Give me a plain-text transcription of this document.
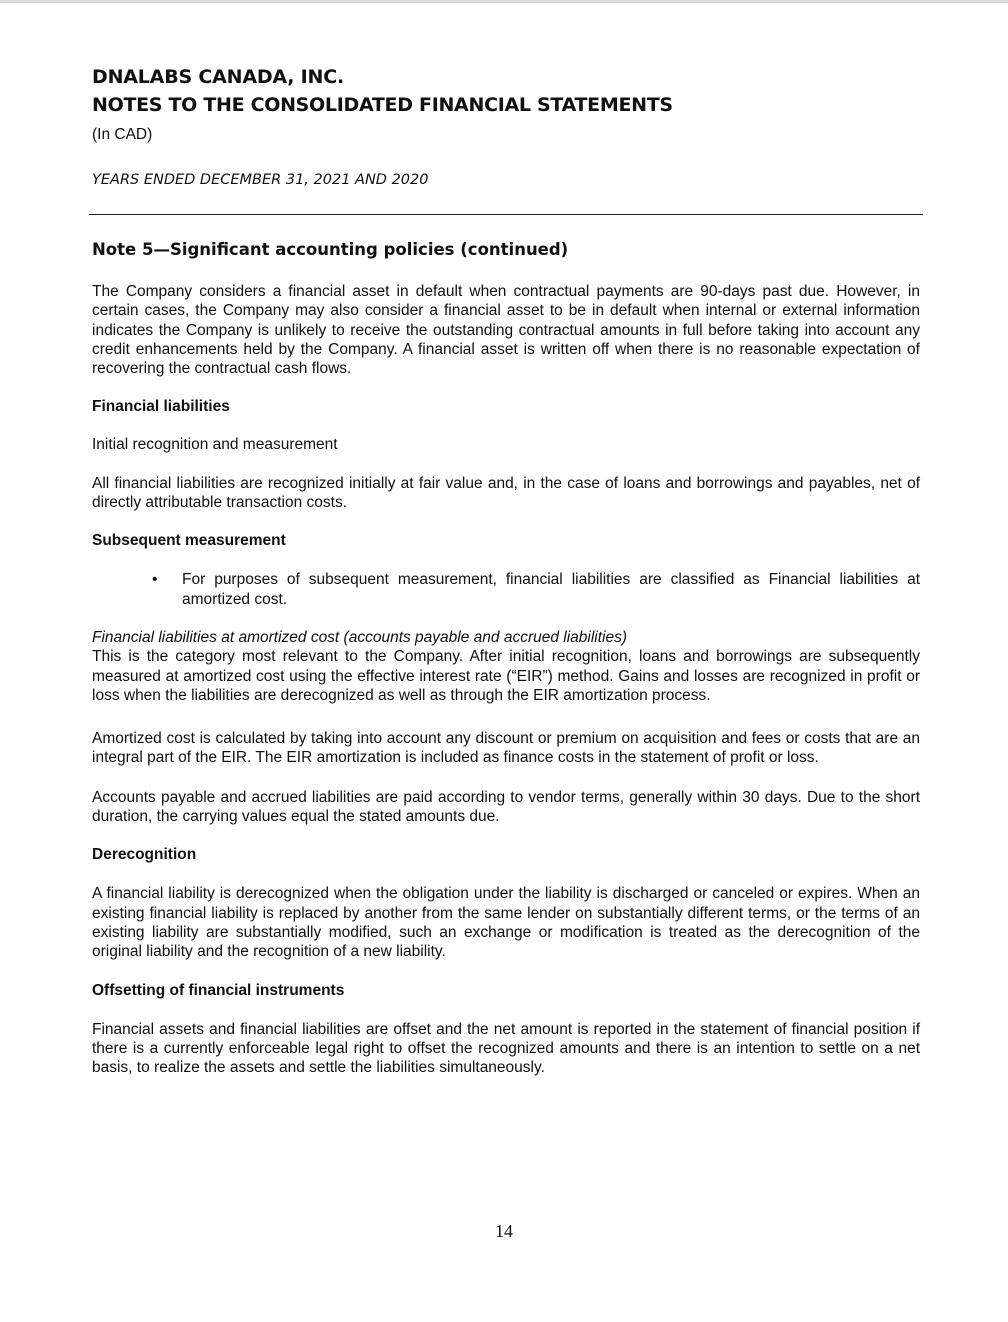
DNALABS CANADA, INC.
NOTES TO THE CONSOLIDATED FINANCIAL STATEMENTS
(In CAD)
YEARS ENDED DECEMBER 31, 2021 AND 2020
Note 5—Significant accounting policies (continued)

The Company considers a financial asset in default when contractual payments are 90-days past due. However, in certain cases, the Company may also consider a financial asset to be in default when internal or external information indicates the Company is unlikely to receive the outstanding contractual amounts in full before taking into account any credit enhancements held by the Company. A financial asset is written off when there is no reasonable expectation of recovering the contractual cash flows.

Financial liabilities

Initial recognition and measurement

All financial liabilities are recognized initially at fair value and, in the case of loans and borrowings and payables, net of directly attributable transaction costs.

Subsequent measurement
• For purposes of subsequent measurement, financial liabilities are classified as Financial liabilities at amortized cost.
Financial liabilities at amortized cost (accounts payable and accrued liabilities)

This is the category most relevant to the Company. After initial recognition, loans and borrowings are subsequently measured at amortized cost using the effective interest rate (“EIR”) method. Gains and losses are recognized in profit or loss when the liabilities are derecognized as well as through the EIR amortization process.

Amortized cost is calculated by taking into account any discount or premium on acquisition and fees or costs that are an integral part of the EIR. The EIR amortization is included as finance costs in the statement of profit or loss.

Accounts payable and accrued liabilities are paid according to vendor terms, generally within 30 days. Due to the short duration, the carrying values equal the stated amounts due.

Derecognition

A financial liability is derecognized when the obligation under the liability is discharged or canceled or expires. When an existing financial liability is replaced by another from the same lender on substantially different terms, or the terms of an existing liability are substantially modified, such an exchange or modification is treated as the derecognition of the original liability and the recognition of a new liability.

Offsetting of financial instruments

Financial assets and financial liabilities are offset and the net amount is reported in the statement of financial position if there is a currently enforceable legal right to offset the recognized amounts and there is an intention to settle on a net basis, to realize the assets and settle the liabilities simultaneously.

14
